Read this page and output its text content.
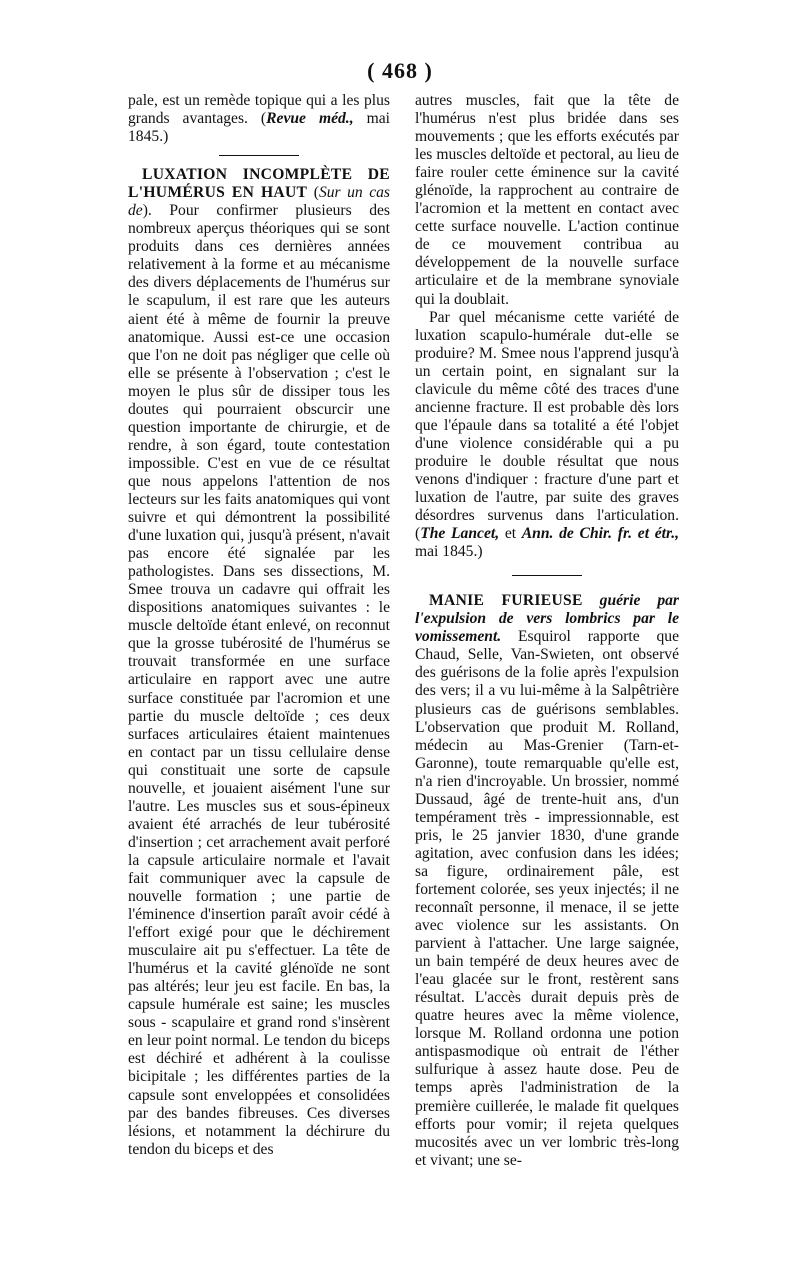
( 468 )

pale, est un remède topique qui a les plus grands avantages. (Revue méd., mai 1845.)

LUXATION INCOMPLÈTE DE L'HUMÉRUS EN HAUT (Sur un cas de). Pour confirmer plusieurs des nombreux aperçus théoriques qui se sont produits dans ces dernières années relativement à la forme et au mécanisme des divers déplacements de l'humérus sur le scapulum, il est rare que les auteurs aient été à même de fournir la preuve anatomique. Aussi est-ce une occasion que l'on ne doit pas négliger que celle où elle se présente à l'observation ; c'est le moyen le plus sûr de dissiper tous les doutes qui pourraient obscurcir une question importante de chirurgie, et de rendre, à son égard, toute contestation impossible. C'est en vue de ce résultat que nous appelons l'attention de nos lecteurs sur les faits anatomiques qui vont suivre et qui démontrent la possibilité d'une luxation qui, jusqu'à présent, n'avait pas encore été signalée par les pathologistes. Dans ses dissections, M. Smee trouva un cadavre qui offrait les dispositions anatomiques suivantes : le muscle deltoïde étant enlevé, on reconnut que la grosse tubérosité de l'humérus se trouvait transformée en une surface articulaire en rapport avec une autre surface constituée par l'acromion et une partie du muscle deltoïde ; ces deux surfaces articulaires étaient maintenues en contact par un tissu cellulaire dense qui constituait une sorte de capsule nouvelle, et jouaient aisément l'une sur l'autre. Les muscles sus et sous-épineux avaient été arrachés de leur tubérosité d'insertion ; cet arrachement avait perforé la capsule articulaire normale et l'avait fait communiquer avec la capsule de nouvelle formation ; une partie de l'éminence d'insertion paraît avoir cédé à l'effort exigé pour que le déchirement musculaire ait pu s'effectuer. La tête de l'humérus et la cavité glénoïde ne sont pas altérés; leur jeu est facile. En bas, la capsule humérale est saine; les muscles sous - scapulaire et grand rond s'insèrent en leur point normal. Le tendon du biceps est déchiré et adhérent à la coulisse bicipitale ; les différentes parties de la capsule sont enveloppées et consolidées par des bandes fibreuses. Ces diverses lésions, et notamment la déchirure du tendon du biceps et des

autres muscles, fait que la tête de l'humérus n'est plus bridée dans ses mouvements ; que les efforts exécutés par les muscles deltoïde et pectoral, au lieu de faire rouler cette éminence sur la cavité glénoïde, la rapprochent au contraire de l'acromion et la mettent en contact avec cette surface nouvelle. L'action continue de ce mouvement contribua au développement de la nouvelle surface articulaire et de la membrane synoviale qui la doublait.

Par quel mécanisme cette variété de luxation scapulo-humérale dut-elle se produire? M. Smee nous l'apprend jusqu'à un certain point, en signalant sur la clavicule du même côté des traces d'une ancienne fracture. Il est probable dès lors que l'épaule dans sa totalité a été l'objet d'une violence considérable qui a pu produire le double résultat que nous venons d'indiquer : fracture d'une part et luxation de l'autre, par suite des graves désordres survenus dans l'articulation. (The Lancet, et Ann. de Chir. fr. et étr., mai 1845.)

MANIE FURIEUSE guérie par l'expulsion de vers lombrics par le vomissement. Esquirol rapporte que Chaud, Selle, Van-Swieten, ont observé des guérisons de la folie après l'expulsion des vers; il a vu lui-même à la Salpêtrière plusieurs cas de guérisons semblables. L'observation que produit M. Rolland, médecin au Mas-Grenier (Tarn-et-Garonne), toute remarquable qu'elle est, n'a rien d'incroyable. Un brossier, nommé Dussaud, âgé de trente-huit ans, d'un tempérament très - impressionnable, est pris, le 25 janvier 1830, d'une grande agitation, avec confusion dans les idées; sa figure, ordinairement pâle, est fortement colorée, ses yeux injectés; il ne reconnaît personne, il menace, il se jette avec violence sur les assistants. On parvient à l'attacher. Une large saignée, un bain tempéré de deux heures avec de l'eau glacée sur le front, restèrent sans résultat. L'accès durait depuis près de quatre heures avec la même violence, lorsque M. Rolland ordonna une potion antispasmodique où entrait de l'éther sulfurique à assez haute dose. Peu de temps après l'administration de la première cuillerée, le malade fit quelques efforts pour vomir; il rejeta quelques mucosités avec un ver lombric très-long et vivant; une se-
